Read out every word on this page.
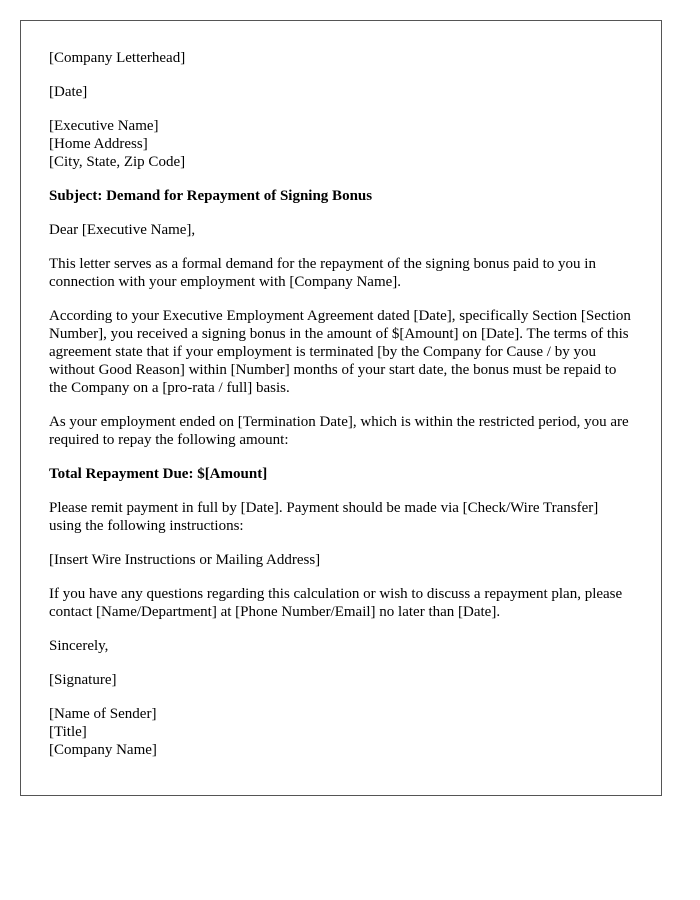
[Company Letterhead]

[Date]

[Executive Name]
[Home Address]
[City, State, Zip Code]

Subject: Demand for Repayment of Signing Bonus

Dear [Executive Name],

This letter serves as a formal demand for the repayment of the signing bonus paid to you in connection with your employment with [Company Name].

According to your Executive Employment Agreement dated [Date], specifically Section [Section Number], you received a signing bonus in the amount of $[Amount] on [Date]. The terms of this agreement state that if your employment is terminated [by the Company for Cause / by you without Good Reason] within [Number] months of your start date, the bonus must be repaid to the Company on a [pro-rata / full] basis.

As your employment ended on [Termination Date], which is within the restricted period, you are required to repay the following amount:

Total Repayment Due: $[Amount]

Please remit payment in full by [Date]. Payment should be made via [Check/Wire Transfer] using the following instructions:

[Insert Wire Instructions or Mailing Address]

If you have any questions regarding this calculation or wish to discuss a repayment plan, please contact [Name/Department] at [Phone Number/Email] no later than [Date].

Sincerely,

[Signature]

[Name of Sender]
[Title]
[Company Name]
